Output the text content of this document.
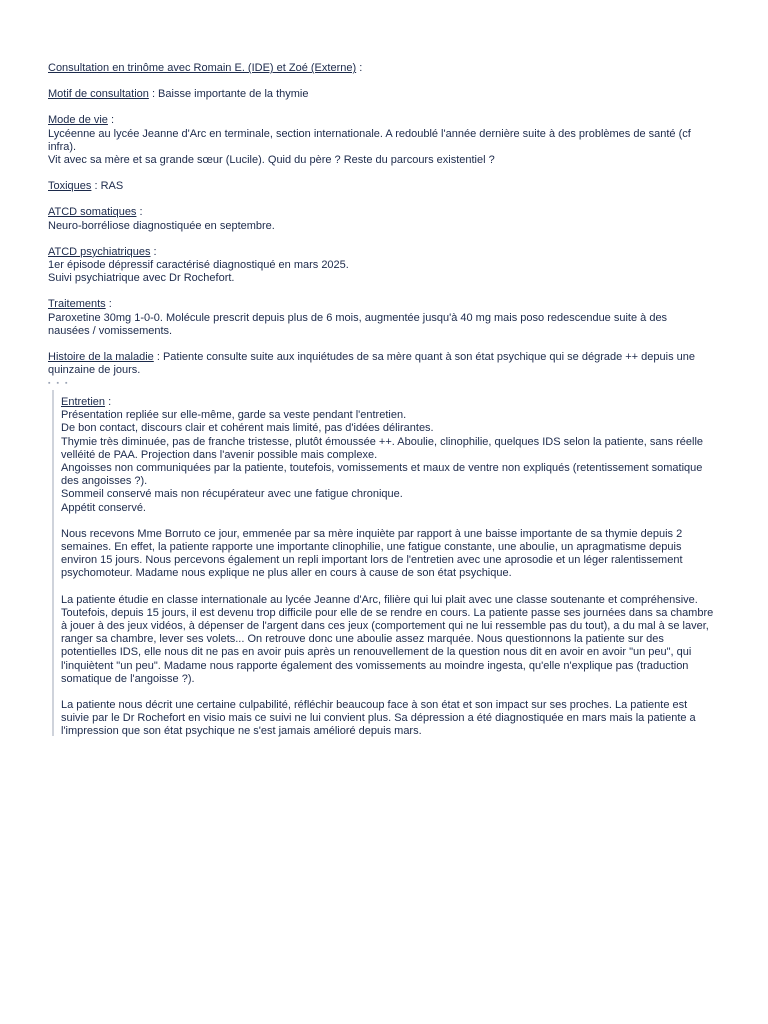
Consultation en trinôme avec Romain E. (IDE) et Zoé (Externe) :

Motif de consultation : Baisse importante de la thymie

Mode de vie :
Lycéenne au lycée Jeanne d'Arc en terminale, section internationale. A redoublé l'année dernière suite à des problèmes de santé (cf
infra).
Vit avec sa mère et sa grande sœur (Lucile). Quid du père ? Reste du parcours existentiel ?

Toxiques : RAS

ATCD somatiques :
Neuro-borréliose diagnostiquée en septembre.
ATCD psychiatriques :
1er épisode dépressif caractérisé diagnostiqué en mars 2025.
Suivi psychiatrique avec Dr Rochefort.
Traitements :
Paroxetine 30mg 1-0-0. Molécule prescrit depuis plus de 6 mois, augmentée jusqu'à 40 mg mais poso redescendue suite à des
nausées / vomissements.
Histoire de la maladie : Patiente consulte suite aux inquiétudes de sa mère quant à son état psychique qui se dégrade ++ depuis une
quinzaine de jours.
▪▪▪
Entretien :
Présentation repliée sur elle-même, garde sa veste pendant l'entretien.
De bon contact, discours clair et cohérent mais limité, pas d'idées délirantes.
Thymie très diminuée, pas de franche tristesse, plutôt émoussée ++. Aboulie, clinophilie, quelques IDS selon la patiente, sans réelle
velléité de PAA. Projection dans l'avenir possible mais complexe.
Angoisses non communiquées par la patiente, toutefois, vomissements et maux de ventre non expliqués (retentissement somatique
des angoisses ?).
Sommeil conservé mais non récupérateur avec une fatigue chronique.
Appétit conservé.
Nous recevons Mme Borruto ce jour, emmenée par sa mère inquiète par rapport à une baisse importante de sa thymie depuis 2
semaines. En effet, la patiente rapporte une importante clinophilie, une fatigue constante, une aboulie, un apragmatisme depuis
environ 15 jours. Nous percevons également un repli important lors de l'entretien avec une aprosodie et un léger ralentissement
psychomoteur. Madame nous explique ne plus aller en cours à cause de son état psychique.
La patiente étudie en classe internationale au lycée Jeanne d'Arc, filière qui lui plait avec une classe soutenante et compréhensive.
Toutefois, depuis 15 jours, il est devenu trop difficile pour elle de se rendre en cours. La patiente passe ses journées dans sa chambre
à jouer à des jeux vidéos, à dépenser de l'argent dans ces jeux (comportement qui ne lui ressemble pas du tout), a du mal à se laver,
ranger sa chambre, lever ses volets... On retrouve donc une aboulie assez marquée. Nous questionnons la patiente sur des
potentielles IDS, elle nous dit ne pas en avoir puis après un renouvellement de la question nous dit en avoir en avoir "un peu", qui
l'inquiètent "un peu". Madame nous rapporte également des vomissements au moindre ingesta, qu'elle n'explique pas (traduction
somatique de l'angoisse ?).
La patiente nous décrit une certaine culpabilité, réfléchir beaucoup face à son état et son impact sur ses proches. La patiente est
suivie par le Dr Rochefort en visio mais ce suivi ne lui convient plus. Sa dépression a été diagnostiquée en mars mais la patiente a
l'impression que son état psychique ne s'est jamais amélioré depuis mars.
